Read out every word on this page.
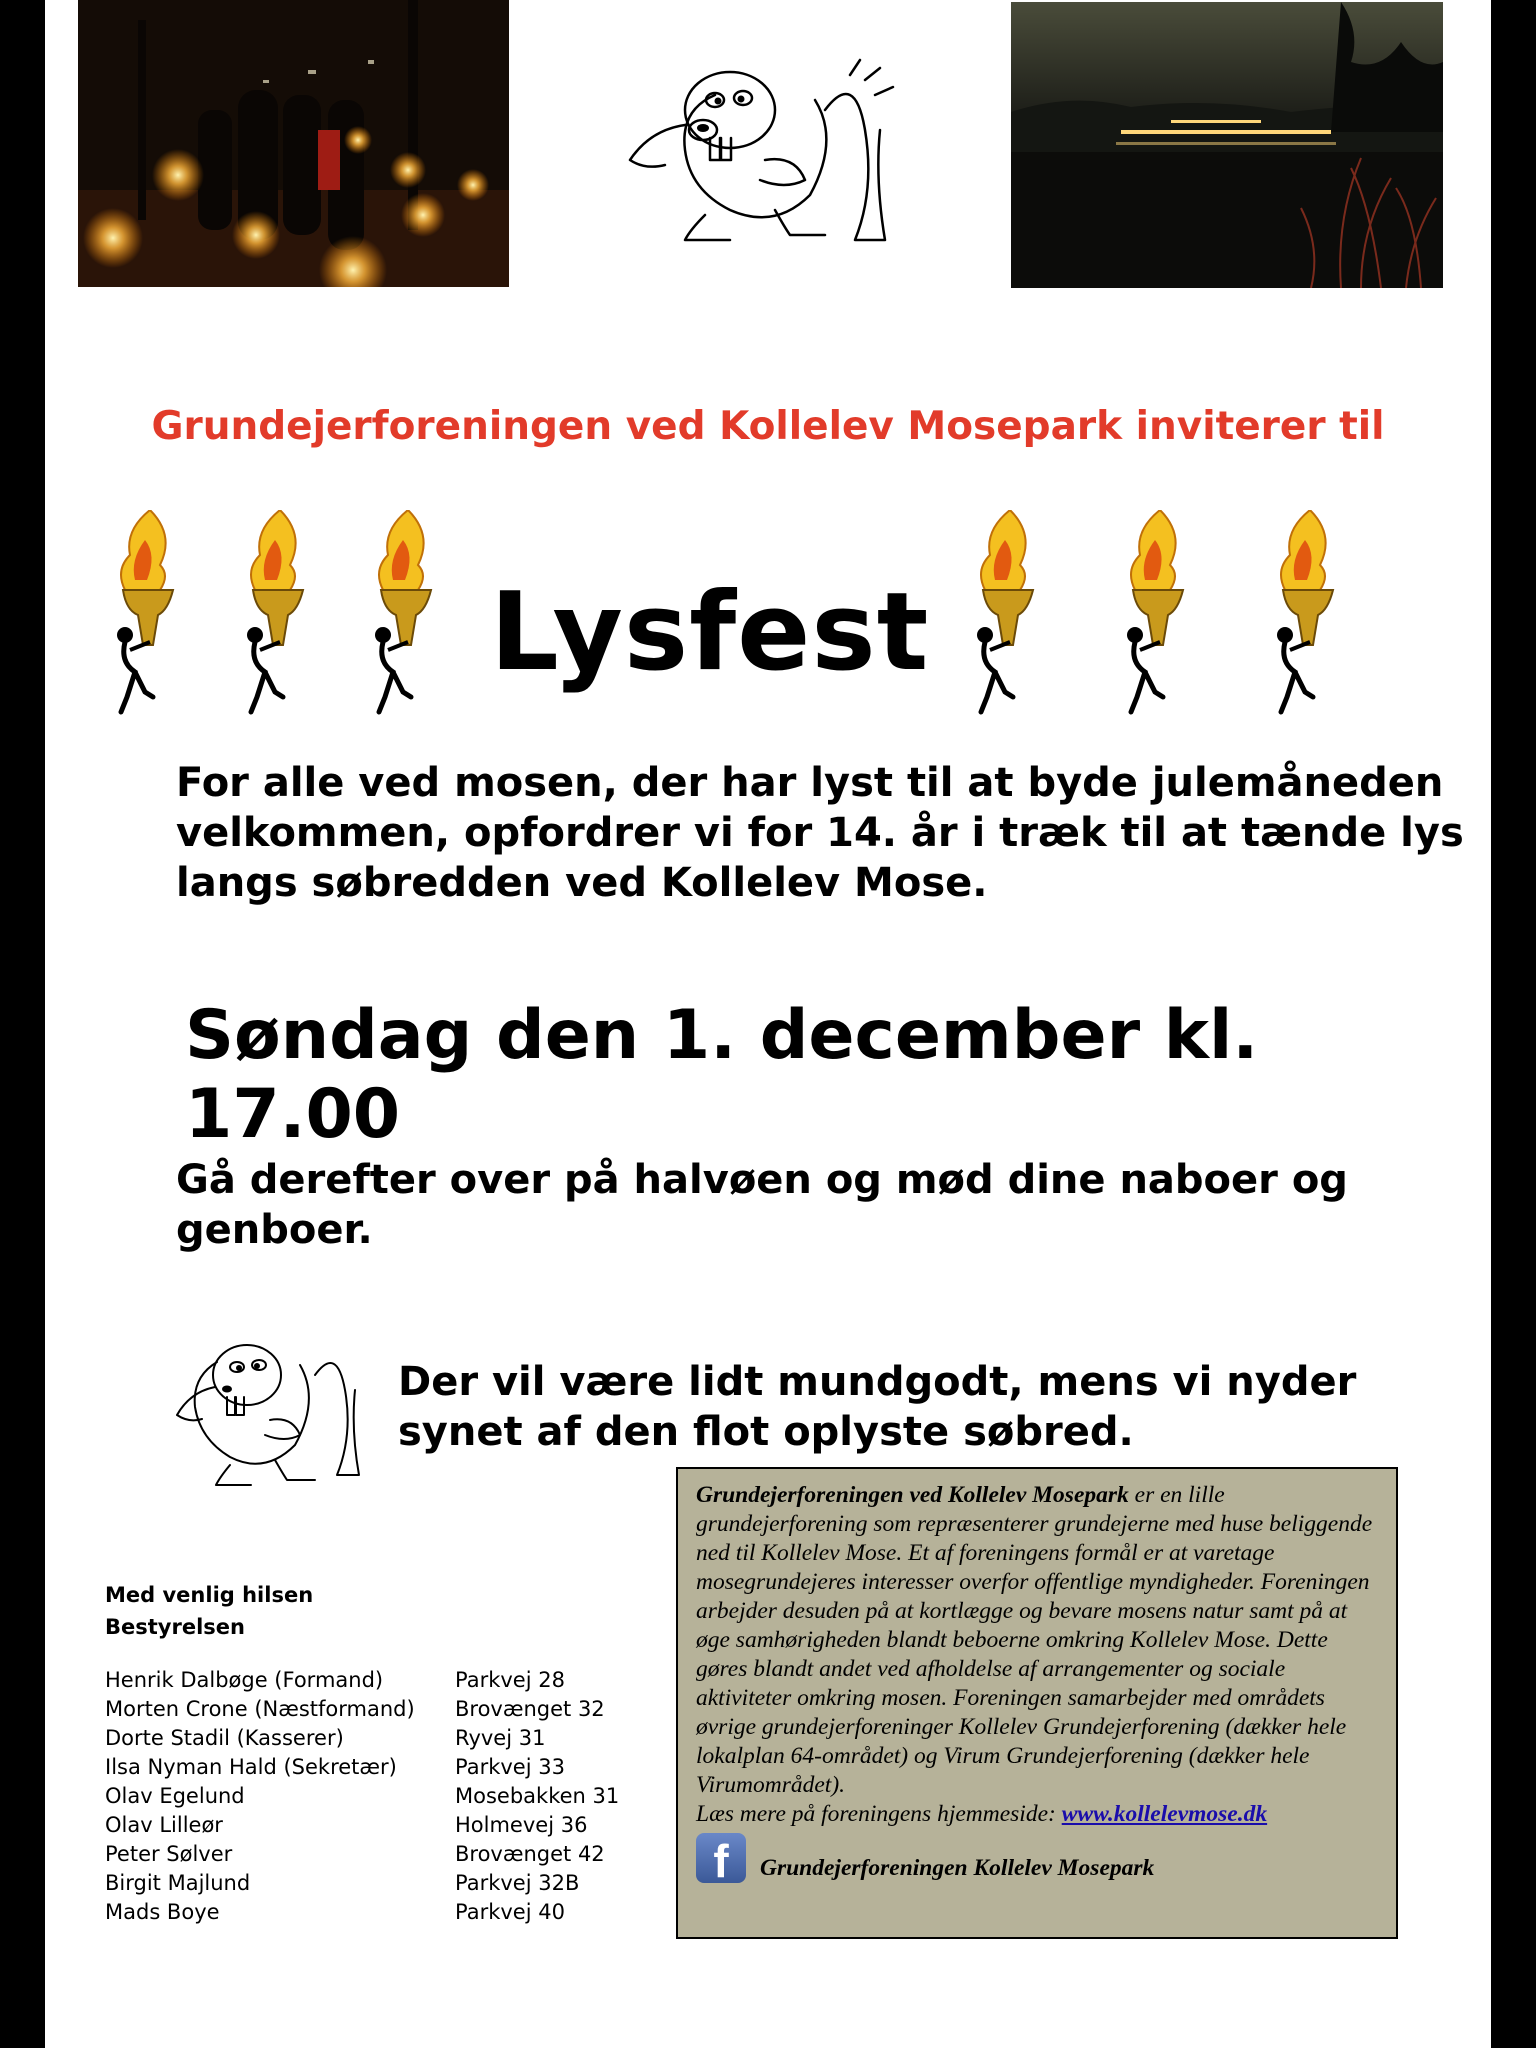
Grundejerforeningen ved Kollelev Mosepark inviterer til
Lysfest
For alle ved mosen, der har lyst til at byde julemåneden velkommen, opfordrer vi for 14. år i træk til at tænde lys langs søbredden ved Kollelev Mose.
Søndag den 1. december kl. 17.00
Gå derefter over på halvøen og mød dine naboer og genboer.
Der vil være lidt mundgodt, mens vi nyder synet af den flot oplyste søbred.
Med venlig hilsen
Bestyrelsen
Henrik Dalbøge (Formand)	Parkvej 28
Morten Crone (Næstformand)	Brovænget 32
Dorte Stadil (Kasserer)	Ryvej 31
Ilsa Nyman Hald (Sekretær)	Parkvej 33
Olav Egelund	Mosebakken 31
Olav Lilleør	Holmevej 36
Peter Sølver	Brovænget 42
Birgit Majlund	Parkvej 32B
Mads Boye	Parkvej 40
Grundejerforeningen ved Kollelev Mosepark er en lille grundejerforening som repræsenterer grundejerne med huse beliggende ned til Kollelev Mose. Et af foreningens formål er at varetage mosegrundejeres interesser overfor offentlige myndigheder. Foreningen arbejder desuden på at kortlægge og bevare mosens natur samt på at øge samhørigheden blandt beboerne omkring Kollelev Mose. Dette gøres blandt andet ved afholdelse af arrangementer og sociale aktiviteter omkring mosen. Foreningen samarbejder med områdets øvrige grundejerforeninger Kollelev Grundejerforening (dækker hele lokalplan 64-området) og Virum Grundejerforening (dækker hele Virumområdet).
Læs mere på foreningens hjemmeside: www.kollelevmose.dk
f	Grundejerforeningen Kollelev Mosepark
